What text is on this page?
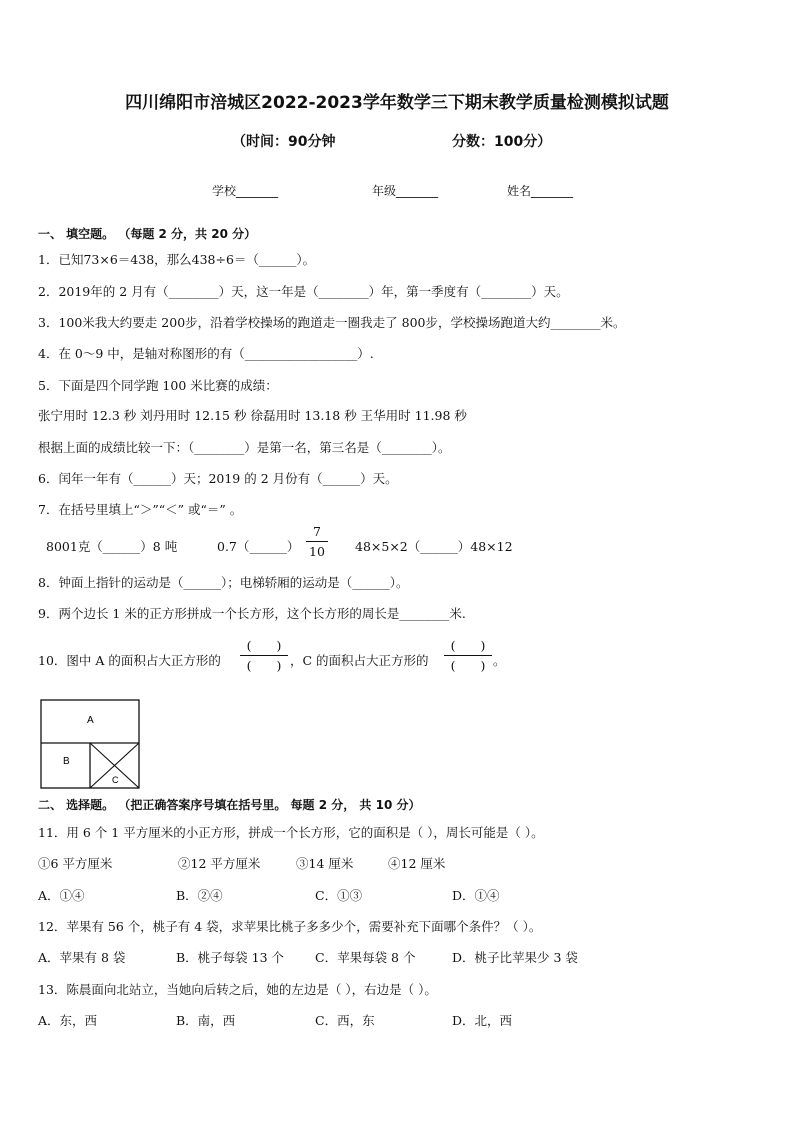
四川绵阳市涪城区2022-2023学年数学三下期末教学质量检测模拟试题
（时间：90分钟	分数：100分）
学校_______	年级_______	姓名_______
一、 填空题。 （每题 2 分，共 20 分）
1．已知73×6＝438，那么438÷6＝（______）。
2．2019年的 2 月有（________）天，这一年是（________）年，第一季度有（________）天。
3．100米我大约要走 200步，沿着学校操场的跑道走一圈我走了 800步，学校操场跑道大约________米。
4．在 0～9 中，是轴对称图形的有（__________________）.
5．下面是四个同学跑 100 米比赛的成绩：
张宁用时 12.3 秒 刘丹用时 12.15 秒 徐磊用时 13.18 秒 王华用时 11.98 秒
根据上面的成绩比较一下：（________）是第一名，第三名是（________）。
6．闰年一年有（______）天；2019 的 2 月份有（______）天。
7．在括号里填上“＞”“＜” 或“＝” 。
8001克（______）8 吨	0.7（______）
7
10 48×5×2（______）48×12
8．钟面上指针的运动是（______）；电梯轿厢的运动是（______）。
9．两个边长 1 米的正方形拼成一个长方形，这个长方形的周长是________米.
10．图中 A 的面积占大正方形的
(　　)
(　　) ，C 的面积占大正方形的
(　　)
(　　) 。
A
B
C
二、 选择题。 （把正确答案序号填在括号里。 每题 2 分， 共 10 分）
11．用 6 个 1 平方厘米的小正方形，拼成一个长方形，它的面积是（ ），周长可能是（ ）。
①6 平方厘米	②12 平方厘米	③14 厘米	④12 厘米
A．①④	B．②④	C．①③	D．①④
12．苹果有 56 个，桃子有 4 袋，求苹果比桃子多多少个，需要补充下面哪个条件？（ ）。
A．苹果有 8 袋	B．桃子每袋 13 个 C．苹果每袋 8 个	D．桃子比苹果少 3 袋
13．陈晨面向北站立，当她向后转之后，她的左边是（ ），右边是（ ）。
A．东，西	B．南，西	C．西，东	D．北，西
